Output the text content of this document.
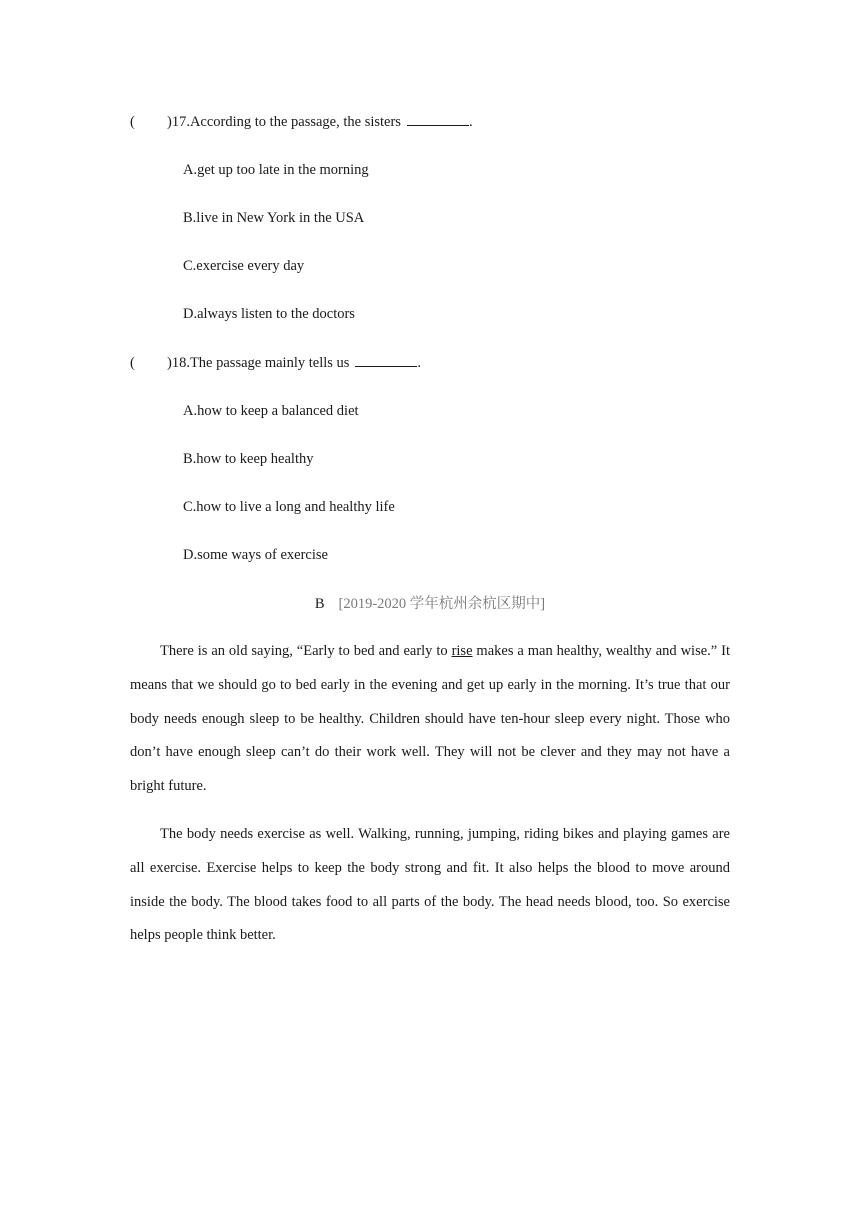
( )17.According to the passage, the sisters	.
A.get up too late in the morning
B.live in New York in the USA
C.exercise every day
D.always listen to the doctors
( )18.The passage mainly tells us	.
A.how to keep a balanced diet
B.how to keep healthy
C.how to live a long and healthy life
D.some ways of exercise
B [2019-2020 学年杭州余杭区期中]

There is an old saying, “Early to bed and early to rise makes a man healthy, wealthy and wise.” It means that we should go to bed early in the evening and get up early in the morning. It’s true that our body needs enough sleep to be healthy. Children should have ten-hour sleep every night. Those who don’t have enough sleep can’t do their work well. They will not be clever and they may not have a bright future.

The body needs exercise as well. Walking, running, jumping, riding bikes and playing games are all exercise. Exercise helps to keep the body strong and fit. It also helps the blood to move around inside the body. The blood takes food to all parts of the body. The head needs blood, too. So exercise helps people think better.
